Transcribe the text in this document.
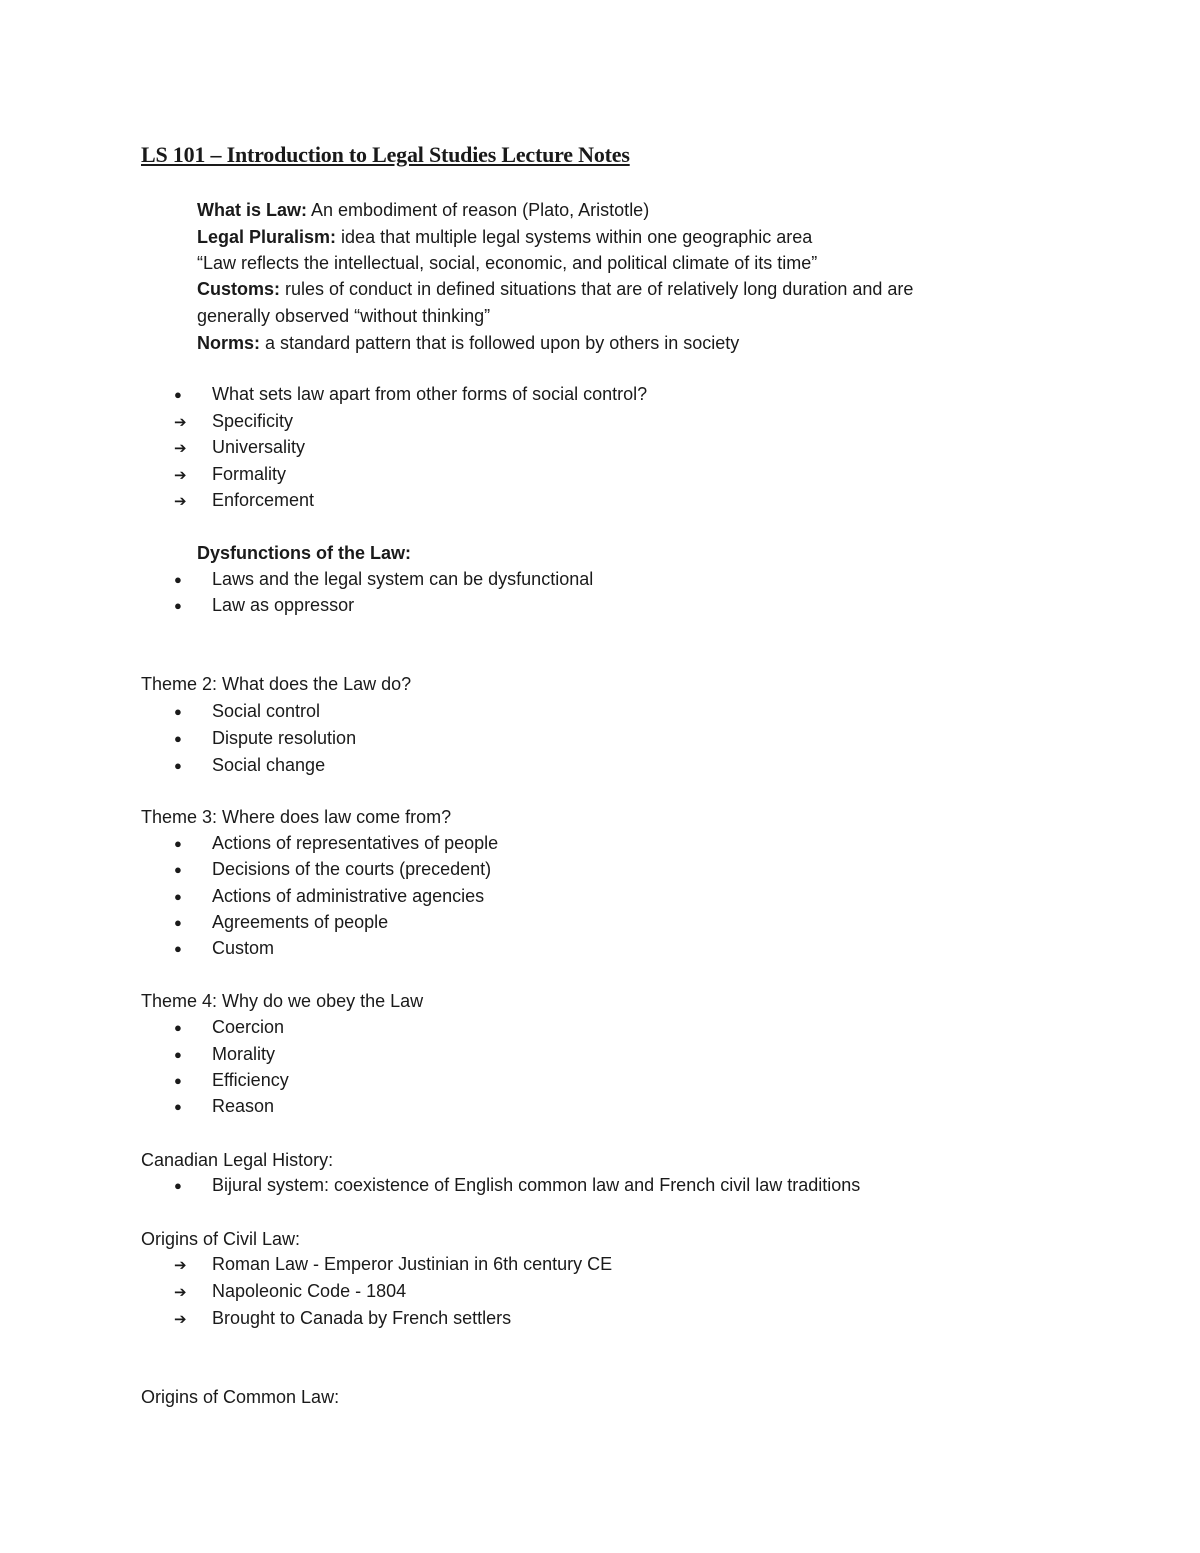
LS 101 – Introduction to Legal Studies Lecture Notes
What is Law: An embodiment of reason (Plato, Aristotle)
Legal Pluralism: idea that multiple legal systems within one geographic area
“Law reflects the intellectual, social, economic, and political climate of its time”
Customs: rules of conduct in defined situations that are of relatively long duration and are
generally observed “without thinking”
Norms: a standard pattern that is followed upon by others in society
●What sets law apart from other forms of social control?
➔Specificity
➔Universality
➔Formality
➔Enforcement
Dysfunctions of the Law:
●Laws and the legal system can be dysfunctional
●Law as oppressor
Theme 2: What does the Law do?
●Social control
●Dispute resolution
●Social change
Theme 3: Where does law come from?
●Actions of representatives of people
●Decisions of the courts (precedent)
●Actions of administrative agencies
●Agreements of people
●Custom
Theme 4: Why do we obey the Law
●Coercion
●Morality
●Efficiency
●Reason
Canadian Legal History:
●Bijural system: coexistence of English common law and French civil law traditions
Origins of Civil Law:
➔Roman Law - Emperor Justinian in 6th century CE
➔Napoleonic Code - 1804
➔Brought to Canada by French settlers
Origins of Common Law:
